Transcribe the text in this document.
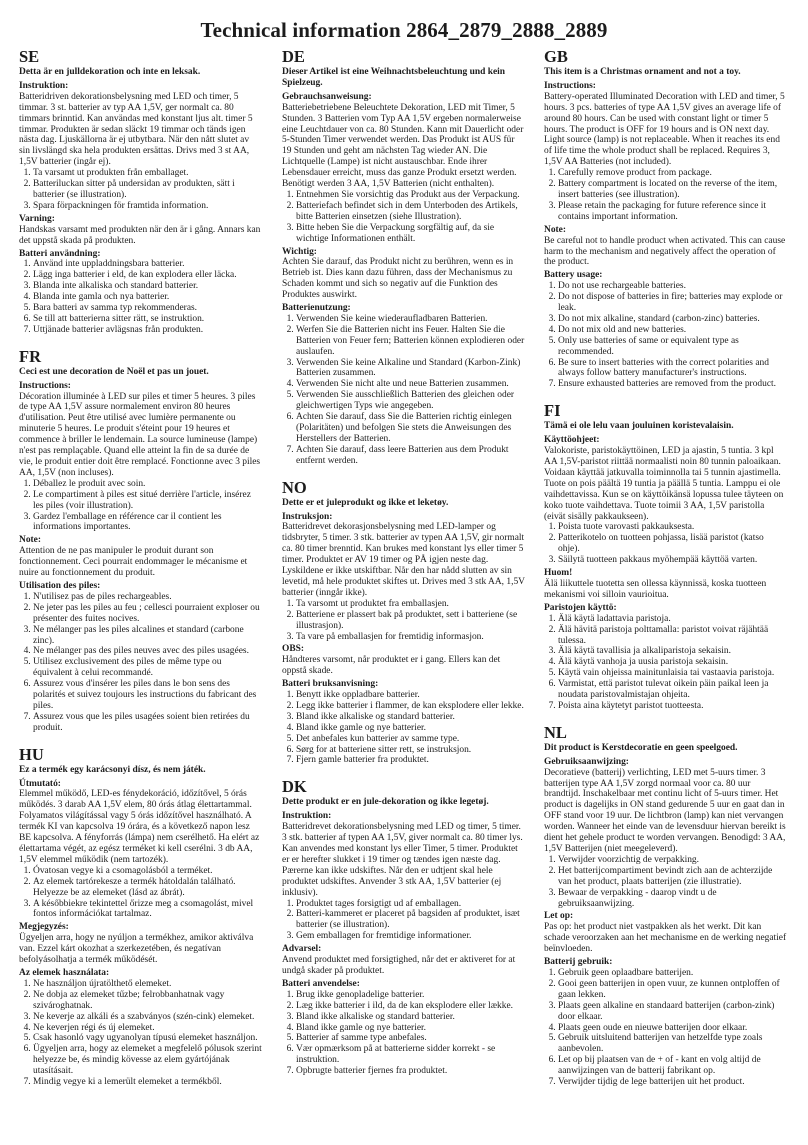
Technical information 2864_2879_2888_2889
SE
Detta är en julldekoration och inte en leksak.
Instruktion:

Batteridriven dekorationsbelysning med LED och timer, 5 timmar. 3 st. batterier av typ AA 1,5V, ger normalt ca. 80 timmars brinntid. Kan användas med konstant ljus alt. timer 5 timmar. Produkten är sedan släckt 19 timmar och tänds igen nästa dag. Ljuskällorna är ej utbytbara. När den nått slutet av sin livslängd ska hela produkten ersättas. Drivs med 3 st AA, 1,5V batterier (ingår ej).

1. Ta varsamt ut produkten från emballaget.
2. Batteriluckan sitter på undersidan av produkten, sätt i batterier (se illustration).
3. Spara förpackningen för framtida information.
Varning:

Handskas varsamt med produkten när den är i gång. Annars kan det uppstå skada på produkten.

Batteri användning:
1. Använd inte uppladdningsbara batterier.
2. Lägg inga batterier i eld, de kan explodera eller läcka.
3. Blanda inte alkaliska och standard batterier.
4. Blanda inte gamla och nya batterier.
5. Bara batteri av samma typ rekommenderas.
6. Se till att batterierna sitter rätt, se instruktion.
7. Uttjänade batterier avlägsnas från produkten.
FR
Ceci est une decoration de Noël et pas un jouet.
Instructions:

Décoration illuminée à LED sur piles et timer 5 heures. 3 piles de type AA 1,5V assure normalement environ 80 heures d'utilisation. Peut être utilisé avec lumière permanente ou minuterie 5 heures. Le produit s'éteint pour 19 heures et commence à briller le lendemain. La source lumineuse (lampe) n'est pas remplaçable. Quand elle atteint la fin de sa durée de vie, le produit entier doit être remplacé. Fonctionne avec 3 piles AA, 1,5V (non incluses).

1. Déballez le produit avec soin.
2. Le compartiment à piles est situé derrière l'article, insérez les piles (voir illustration).
3. Gardez l'emballage en référence car il contient les informations importantes.
Note:

Attention de ne pas manipuler le produit durant son fonctionnement. Ceci pourrait endommager le mécanisme et nuire au fonctionnement du produit.

Utilisation des piles:
1. N'utilisez pas de piles rechargeables.
2. Ne jeter pas les piles au feu ; cellesci pourraient exploser ou présenter des fuites nocives.
3. Ne mélanger pas les piles alcalines et standard (carbone zinc).
4. Ne mélanger pas des piles neuves avec des piles usagées.
5. Utilisez exclusivement des piles de même type ou équivalent à celui recommandé.
6. Assurez vous d'insérer les piles dans le bon sens des polarités et suivez toujours les instructions du fabricant des piles.
7. Assurez vous que les piles usagées soient bien retirées du produit.
HU
Ez a termék egy karácsonyi dísz, és nem játék.
Útmutató:

Elemmel működő, LED-es fénydekoráció, időzítővel, 5 órás működés. 3 darab AA 1,5V elem, 80 órás átlag élettartammal. Folyamatos világítással vagy 5 órás időzítővel használható. A termék KI van kapcsolva 19 órára, és a következő napon lesz BE kapcsolva. A fényforrás (lámpa) nem cserélhető. Ha elért az élettartama végét, az egész terméket ki kell cserélni. 3 db AA, 1,5V elemmel működik (nem tartozék).

1. Óvatosan vegye ki a csomagolásból a terméket.
2. Az elemek tartórekesze a termék hátoldalán található. Helyezze be az elemeket (lásd az ábrát).
3. A későbbiekre tekintettel őrizze meg a csomagolást, mivel fontos információkat tartalmaz.
Megjegyzés:

Ügyeljen arra, hogy ne nyúljon a termékhez, amikor aktiválva van. Ezzel kárt okozhat a szerkezetében, és negatívan befolyásolhatja a termék működését.

Az elemek használata:
1. Ne használjon újratölthető elemeket.
2. Ne dobja az elemeket tűzbe; felrobbanhatnak vagy szivároghatnak.
3. Ne keverje az alkáli és a szabványos (szén-cink) elemeket.
4. Ne keverjen régi és új elemeket.
5. Csak hasonló vagy ugyanolyan típusú elemeket használjon.
6. Ügyeljen arra, hogy az elemeket a megfelelő pólusok szerint helyezze be, és mindig kövesse az elem gyártójának utasításait.
7. Mindig vegye ki a lemerült elemeket a termékből.
DE
Dieser Artikel ist eine Weihnachtsbeleuchtung und kein Spielzeug.
Gebrauchsanweisung:

Batteriebetriebene Beleuchtete Dekoration, LED mit Timer, 5 Stunden. 3 Batterien vom Typ AA 1,5V ergeben normalerweise eine Leuchtdauer von ca. 80 Stunden. Kann mit Dauerlicht oder 5-Stunden Timer verwendet werden. Das Produkt ist AUS für 19 Stunden und geht am nächsten Tag wieder AN. Die Lichtquelle (Lampe) ist nicht austauschbar. Ende ihrer Lebensdauer erreicht, muss das ganze Produkt ersetzt werden. Benötigt werden 3 AA, 1,5V Batterien (nicht enthalten).

1. Entnehmen Sie vorsichtig das Produkt aus der Verpackung.
2. Batteriefach befindet sich in dem Unterboden des Artikels, bitte Batterien einsetzen (siehe Illustration).
3. Bitte heben Sie die Verpackung sorgfältig auf, da sie wichtige Informationen enthält.
Wichtig:

Achten Sie darauf, das Produkt nicht zu berühren, wenn es in Betrieb ist. Dies kann dazu führen, dass der Mechanismus zu Schaden kommt und sich so negativ auf die Funktion des Produktes auswirkt.

Batterienutzung:
1. Verwenden Sie keine wiederaufladbaren Batterien.
2. Werfen Sie die Batterien nicht ins Feuer. Halten Sie die Batterien von Feuer fern; Batterien können explodieren oder auslaufen.
3. Verwenden Sie keine Alkaline und Standard (Karbon-Zink) Batterien zusammen.
4. Verwenden Sie nicht alte und neue Batterien zusammen.
5. Verwenden Sie ausschließlich Batterien des gleichen oder gleichwertigen Typs wie angegeben.
6. Achten Sie darauf, dass Sie die Batterien richtig einlegen (Polaritäten) und befolgen Sie stets die Anweisungen des Herstellers der Batterien.
7. Achten Sie darauf, dass leere Batterien aus dem Produkt entfernt werden.
NO
Dette er et juleprodukt og ikke et leketøy.
Instruksjon:

Batteridrevet dekorasjonsbelysning med LED-lamper og tidsbryter, 5 timer. 3 stk. batterier av typen AA 1,5V, gir normalt ca. 80 timer brenntid. Kan brukes med konstant lys eller timer 5 timer. Produktet er AV 19 timer og PÅ igjen neste dag. Lyskildene er ikke utskiftbar. Når den har nådd slutten av sin levetid, må hele produktet skiftes ut. Drives med 3 stk AA, 1,5V batterier (inngår ikke).

1. Ta varsomt ut produktet fra emballasjen.
2. Batteriene er plassert bak på produktet, sett i batteriene (se illustrasjon).
3. Ta vare på emballasjen for fremtidig informasjon.
OBS:

Håndteres varsomt, når produktet er i gang. Ellers kan det oppstå skade.

Batteri bruksanvisning:
1. Benytt ikke oppladbare batterier.
2. Legg ikke batterier i flammer, de kan eksplodere eller lekke.
3. Bland ikke alkaliske og standard batterier.
4. Bland ikke gamle og nye batterier.
5. Det anbefales kun batterier av samme type.
6. Sørg for at batteriene sitter rett, se instruksjon.
7. Fjern gamle batterier fra produktet.
DK
Dette produkt er en jule-dekoration og ikke legetøj.
Instruktion:

Batteridrevet dekorationsbelysning med LED og timer, 5 timer. 3 stk. batterier af typen AA 1,5V, giver normalt ca. 80 timer lys. Kan anvendes med konstant lys eller Timer, 5 timer. Produktet er er herefter slukket i 19 timer og tændes igen næste dag. Pærerne kan ikke udskiftes. Når den er udtjent skal hele produktet udskiftes. Anvender 3 stk AA, 1,5V batterier (ej inklusiv).

1. Produktet tages forsigtigt ud af emballagen.
2. Batteri-kammeret er placeret på bagsiden af produktet, isæt batterier (se illustration).
3. Gem emballagen for fremtidige informationer.
Advarsel:

Anvend produktet med forsigtighed, når det er aktiveret for at undgå skader på produktet.

Batteri anvendelse:
1. Brug ikke genopladelige batterier.
2. Læg ikke batterier i ild, da de kan eksplodere eller lække.
3. Bland ikke alkaliske og standard batterier.
4. Bland ikke gamle og nye batterier.
5. Batterier af samme type anbefales.
6. Vær opmærksom på at batterierne sidder korrekt - se instruktion.
7. Opbrugte batterier fjernes fra produktet.
GB
This item is a Christmas ornament and not a toy.
Instructions:

Battery-operated Illuminated Decoration with LED and timer, 5 hours. 3 pcs. batteries of type AA 1,5V gives an average life of around 80 hours. Can be used with constant light or timer 5 hours. The product is OFF for 19 hours and is ON next day. Light source (lamp) is not replaceable. When it reaches its end of life time the whole product shall be replaced. Requires 3, 1,5V AA Batteries (not included).

1. Carefully remove product from package.
2. Battery compartment is located on the reverse of the item, insert batteries (see illustration).
3. Please retain the packaging for future reference since it contains important information.
Note:

Be careful not to handle product when activated. This can cause harm to the mechanism and negatively affect the operation of the product.

Battery usage:
1. Do not use rechargeable batteries.
2. Do not dispose of batteries in fire; batteries may explode or leak.
3. Do not mix alkaline, standard (carbon-zinc) batteries.
4. Do not mix old and new batteries.
5. Only use batteries of same or equivalent type as recommended.
6. Be sure to insert batteries with the correct polarities and always follow battery manufacturer's instructions.
7. Ensure exhausted batteries are removed from the product.
FI
Tämä ei ole lelu vaan jouluinen koristevalaisin.
Käyttöohjeet:

Valokoriste, paristokäyttöinen, LED ja ajastin, 5 tuntia. 3 kpl AA 1,5V-paristot riittää normaalisti noin 80 tunnin paloaikaan. Voidaan käyttää jatkuvalla toiminnolla tai 5 tunnin ajastimella. Tuote on pois päältä 19 tuntia ja päällä 5 tuntia. Lamppu ei ole vaihdettavissa. Kun se on käyttöikänsä lopussa tulee täyteen on koko tuote vaihdettava. Tuote toimii 3 AA, 1,5V paristolla (eivät sisälly pakkaukseen).

1. Poista tuote varovasti pakkauksesta.
2. Patterikotelo on tuotteen pohjassa, lisää paristot (katso ohje).
3. Säilytä tuotteen pakkaus myöhempää käyttöä varten.
Huom!

Älä liikuttele tuotetta sen ollessa käynnissä, koska tuotteen mekanismi voi silloin vaurioitua.

Paristojen käyttö:
1. Älä käytä ladattavia paristoja.
2. Älä hävitä paristoja polttamalla: paristot voivat räjähtää tulessa.
3. Älä käytä tavallisia ja alkaliparistoja sekaisin.
4. Älä käytä vanhoja ja uusia paristoja sekaisin.
5. Käytä vain ohjeissa mainitunlaisia tai vastaavia paristoja.
6. Varmistat, että paristot tulevat oikein päin paikal leen ja noudata paristovalmistajan ohjeita.
7. Poista aina käytetyt paristot tuotteesta.
NL
Dit product is Kerstdecoratie en geen speelgoed.
Gebruiksaanwijzing:

Decoratieve (batterij) verlichting, LED met 5-uurs timer. 3 batterijen type AA 1,5V zorgd normaal voor ca. 80 uur brandtijd. Inschakelbaar met continu licht of 5-uurs timer. Het product is dagelijks in ON stand gedurende 5 uur en gaat dan in OFF stand voor 19 uur. De lichtbron (lamp) kan niet vervangen worden. Wanneer het einde van de levensduur hiervan bereikt is dient het gehele product te worden vervangen. Benodigd: 3 AA, 1,5V Batterijen (niet meegeleverd).

1. Verwijder voorzichtig de verpakking.
2. Het batterijcompartiment bevindt zich aan de achterzijde van het product, plaats batterijen (zie illustratie).
3. Bewaar de verpakking - daarop vindt u de gebruiksaanwijzing.
Let op:

Pas op: het product niet vastpakken als het werkt. Dit kan schade veroorzaken aan het mechanisme en de werking negatief beïnvloeden.

Batterij gebruik:
1. Gebruik geen oplaadbare batterijen.
2. Gooi geen batterijen in open vuur, ze kunnen ontploffen of gaan lekken.
3. Plaats geen alkaline en standaard batterijen (carbon-zink) door elkaar.
4. Plaats geen oude en nieuwe batterijen door elkaar.
5. Gebruik uitsluitend batterijen van hetzelfde type zoals aanbevolen.
6. Let op bij plaatsen van de + of - kant en volg altijd de aanwijzingen van de batterij fabrikant op.
7. Verwijder tijdig de lege batterijen uit het product.
